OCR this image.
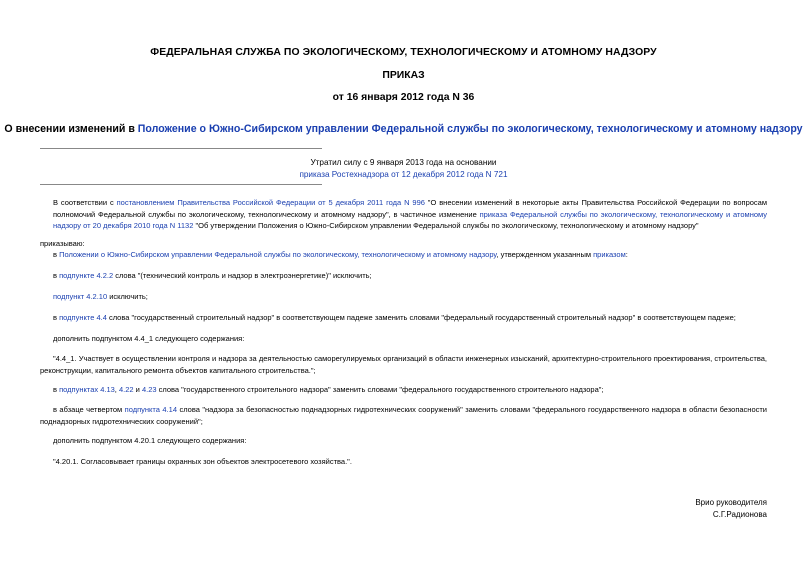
ФЕДЕРАЛЬНАЯ СЛУЖБА ПО ЭКОЛОГИЧЕСКОМУ, ТЕХНОЛОГИЧЕСКОМУ И АТОМНОМУ НАДЗОРУ
ПРИКАЗ
от 16 января 2012 года N 36
О внесении изменений в Положение о Южно-Сибирском управлении Федеральной службы по экологическому, технологическому и атомному надзору
Утратил силу с 9 января 2013 года на основании
приказа Ростехнадзора от 12 декабря 2012 года N 721
В соответствии с постановлением Правительства Российской Федерации от 5 декабря 2011 года N 996 "О внесении изменений в некоторые акты Правительства Российской Федерации по вопросам полномочий Федеральной службы по экологическому, технологическому и атомному надзору", в частичное изменение приказа Федеральной службы по экологическому, технологическому и атомному надзору от 20 декабря 2010 года N 1132 "Об утверждении Положения о Южно-Сибирском управлении Федеральной службы по экологическому, технологическому и атомному надзору"
приказываю:
в Положении о Южно-Сибирском управлении Федеральной службы по экологическому, технологическому и атомному надзору, утвержденном указанным приказом:
в подпункте 4.2.2 слова "(технический контроль и надзор в электроэнергетике)" исключить;
подпункт 4.2.10 исключить;
в подпункте 4.4 слова "государственный строительный надзор" в соответствующем падеже заменить словами "федеральный государственный строительный надзор" в соответствующем падеже;
дополнить подпунктом 4.4_1 следующего содержания:
"4.4_1. Участвует в осуществлении контроля и надзора за деятельностью саморегулируемых организаций в области инженерных изысканий, архитектурно-строительного проектирования, строительства, реконструкции, капитального ремонта объектов капитального строительства.";
в подпунктах 4.13, 4.22 и 4.23 слова "государственного строительного надзора" заменить словами "федерального государственного строительного надзора";
в абзаце четвертом подпункта 4.14 слова "надзора за безопасностью поднадзорных гидротехнических сооружений" заменить словами "федерального государственного надзора в области безопасности поднадзорных гидротехнических сооружений";
дополнить подпунктом 4.20.1 следующего содержания:
"4.20.1. Согласовывает границы охранных зон объектов электросетевого хозяйства.".
Врио руководителя
С.Г.Радионова
